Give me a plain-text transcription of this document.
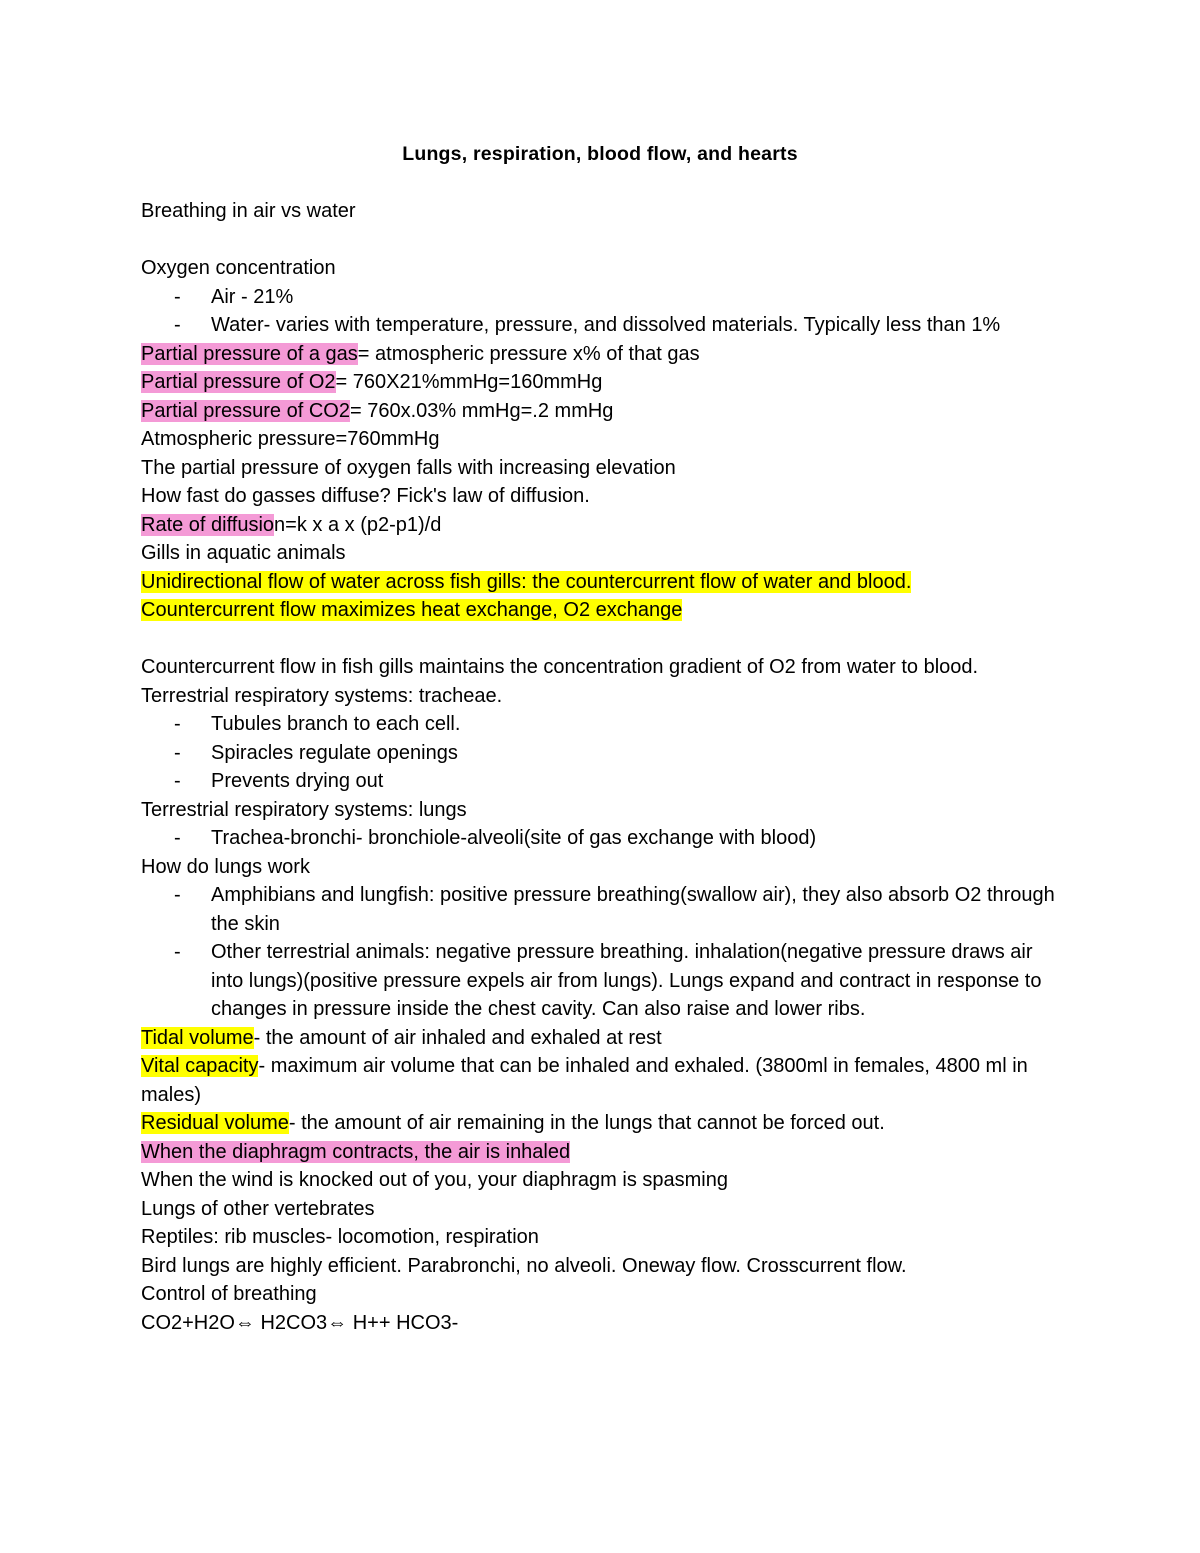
Lungs, respiration, blood flow, and hearts
Breathing in air vs water
Oxygen concentration
- Air - 21%
- Water- varies with temperature, pressure, and dissolved materials. Typically less than 1%
Partial pressure of a gas= atmospheric pressure x% of that gas
Partial pressure of O2= 760X21%mmHg=160mmHg
Partial pressure of CO2= 760x.03% mmHg=.2 mmHg
Atmospheric pressure=760mmHg
The partial pressure of oxygen falls with increasing elevation
How fast do gasses diffuse? Fick's law of diffusion.
Rate of diffusion=k x a x (p2-p1)/d
Gills in aquatic animals
Unidirectional flow of water across fish gills: the countercurrent flow of water and blood.
Countercurrent flow maximizes heat exchange, O2 exchange
Countercurrent flow in fish gills maintains the concentration gradient of O2 from water to blood.
Terrestrial respiratory systems: tracheae.
- Tubules branch to each cell.
- Spiracles regulate openings
- Prevents drying out
Terrestrial respiratory systems: lungs
- Trachea-bronchi- bronchiole-alveoli(site of gas exchange with blood)
How do lungs work
- Amphibians and lungfish: positive pressure breathing(swallow air), they also absorb O2 through the skin
- Other terrestrial animals: negative pressure breathing. inhalation(negative pressure draws air into lungs)(positive pressure expels air from lungs). Lungs expand and contract in response to changes in pressure inside the chest cavity. Can also raise and lower ribs.
Tidal volume- the amount of air inhaled and exhaled at rest
Vital capacity- maximum air volume that can be inhaled and exhaled. (3800ml in females, 4800 ml in males)
Residual volume- the amount of air remaining in the lungs that cannot be forced out.
When the diaphragm contracts, the air is inhaled
When the wind is knocked out of you, your diaphragm is spasming
Lungs of other vertebrates
Reptiles: rib muscles- locomotion, respiration
Bird lungs are highly efficient. Parabronchi, no alveoli. Oneway flow. Crosscurrent flow.
Control of breathing
CO2+H2O⇔ H2CO3⇔ H++ HCO3-
